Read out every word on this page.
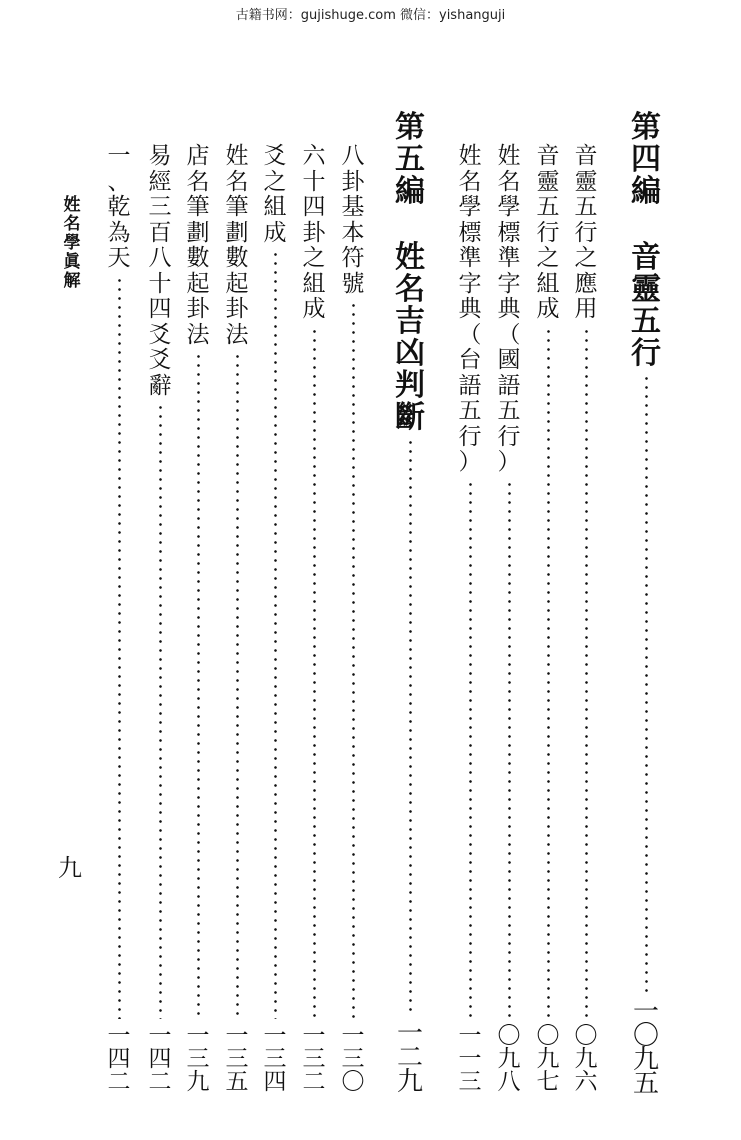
古籍书网：gujishuge.com 微信：yishanguji
姓
名
學
眞
解
九
第
四
編
音
靈
五
行
一
〇
九
五
音
靈
五
行
之
應
用
〇
九
六
音
靈
五
行
之
組
成
〇
九
七
姓
名
學
標
準
字
典
（
國
語
五
行
）
〇
九
八
姓
名
學
標
準
字
典
（
台
語
五
行
）
一
一
三
第
五
編
姓
名
吉
凶
判
斷
一
二
九
八
卦
基
本
符
號
一
三
〇
六
十
四
卦
之
組
成
一
三
二
爻
之
組
成
一
三
四
姓
名
筆
劃
數
起
卦
法
一
三
五
店
名
筆
劃
數
起
卦
法
一
三
九
易
經
三
百
八
十
四
爻
爻
辭
一
四
二
一
、
乾
為
天
一
四
二
